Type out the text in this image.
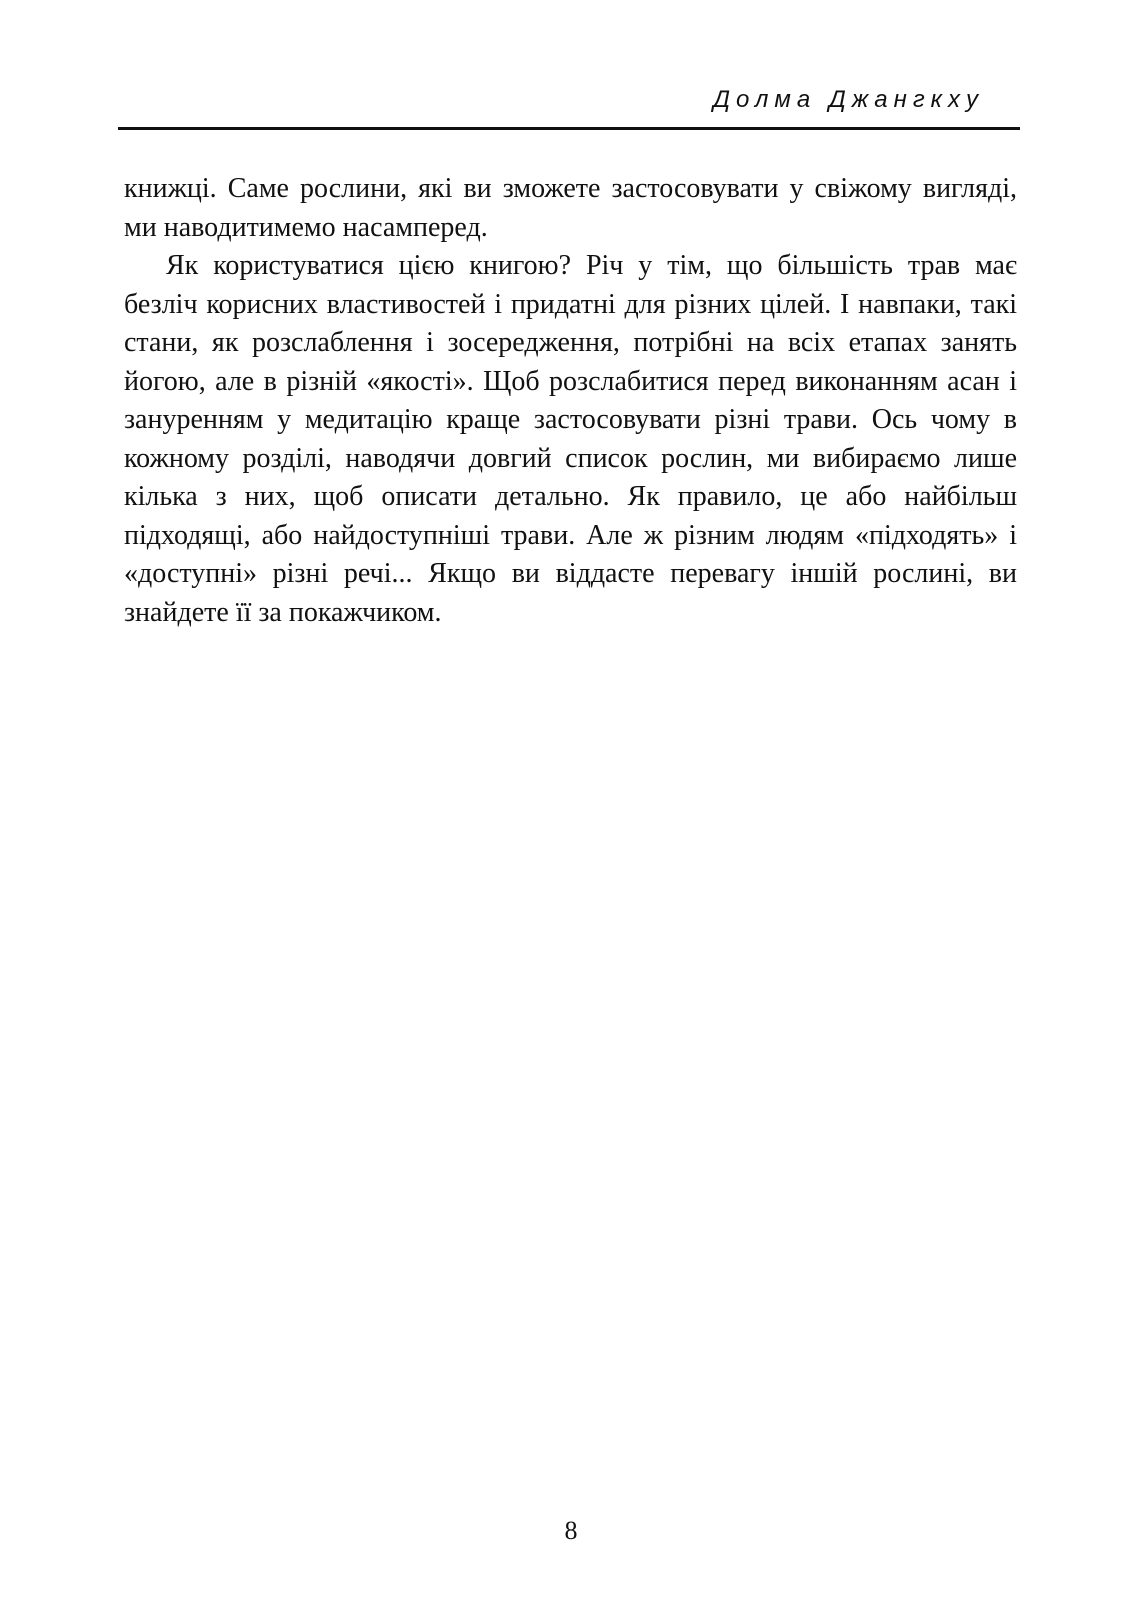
Долма Джангкху

книжці. Саме рослини, які ви зможете застосовувати у свіжому вигляді, ми наводитимемо насамперед.

Як користуватися цією книгою? Річ у тім, що більшість трав має безліч корисних властивостей і придатні для різних цілей. І навпаки, такі стани, як розслаблення і зосередження, потрібні на всіх етапах занять йогою, але в різній «якості». Щоб розслабитися перед виконанням асан і зануренням у медитацію краще застосовувати різні трави. Ось чому в кожному розділі, наводячи довгий список рослин, ми вибираємо лише кілька з них, щоб описати детально. Як правило, це або найбільш підходящі, або найдоступніші трави. Але ж різним людям «підходять» і «доступні» різні речі... Якщо ви віддасте перевагу іншій рослині, ви знайдете її за покажчиком.

8
